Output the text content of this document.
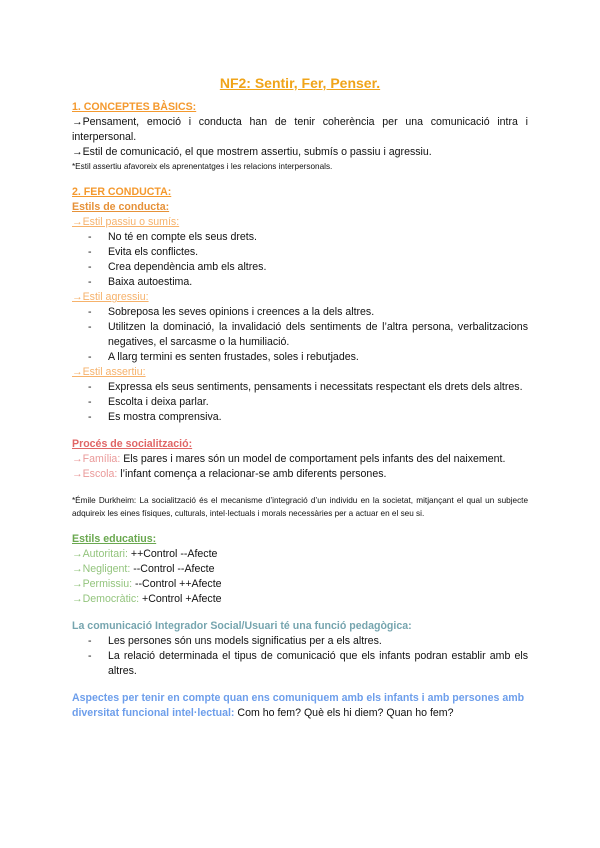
NF2: Sentir, Fer, Penser.
1. CONCEPTES BÀSICS:

→Pensament, emoció i conducta han de tenir coherència per una comunicació intra i interpersonal.

→Estil de comunicació, el que mostrem assertiu, submís o passiu i agressiu.

*Estil assertiu afavoreix els aprenentatges i les relacions interpersonals.

2. FER CONDUCTA:
Estils de conducta:
→Estil passiu o sumís:
- No té en compte els seus drets.
- Evita els conflictes.
- Crea dependència amb els altres.
- Baixa autoestima.
→Estil agressiu:
- Sobreposa les seves opinions i creences a la dels altres.
- Utilitzen la dominació, la invalidació dels sentiments de l’altra persona, verbalitzacions negatives, el sarcasme o la humiliació.
- A llarg termini es senten frustades, soles i rebutjades.
→Estil assertiu:
- Expressa els seus sentiments, pensaments i necessitats respectant els drets dels altres.
- Escolta i deixa parlar.
- Es mostra comprensiva.
Procés de socialització:

→Família: Els pares i mares són un model de comportament pels infants des del naixement.

→Escola: l’infant comença a relacionar-se amb diferents persones.

*Émile Durkheim: La socialització és el mecanisme d’integració d’un individu en la societat, mitjançant el qual un subjecte adquireix les eines físiques, culturals, intel·lectuals i morals necessàries per a actuar en el seu si.

Estils educatius:

→Autoritari: ++Control --Afecte

→Negligent: --Control --Afecte

→Permissiu: --Control ++Afecte

→Democràtic: +Control +Afecte

La comunicació Integrador Social/Usuari té una funció pedagògica:
- Les persones són uns models significatius per a els altres.
- La relació determinada el tipus de comunicació que els infants podran establir amb els altres.

Aspectes per tenir en compte quan ens comuniquem amb els infants i amb persones amb diversitat funcional intel·lectual: Com ho fem? Què els hi diem? Quan ho fem?
